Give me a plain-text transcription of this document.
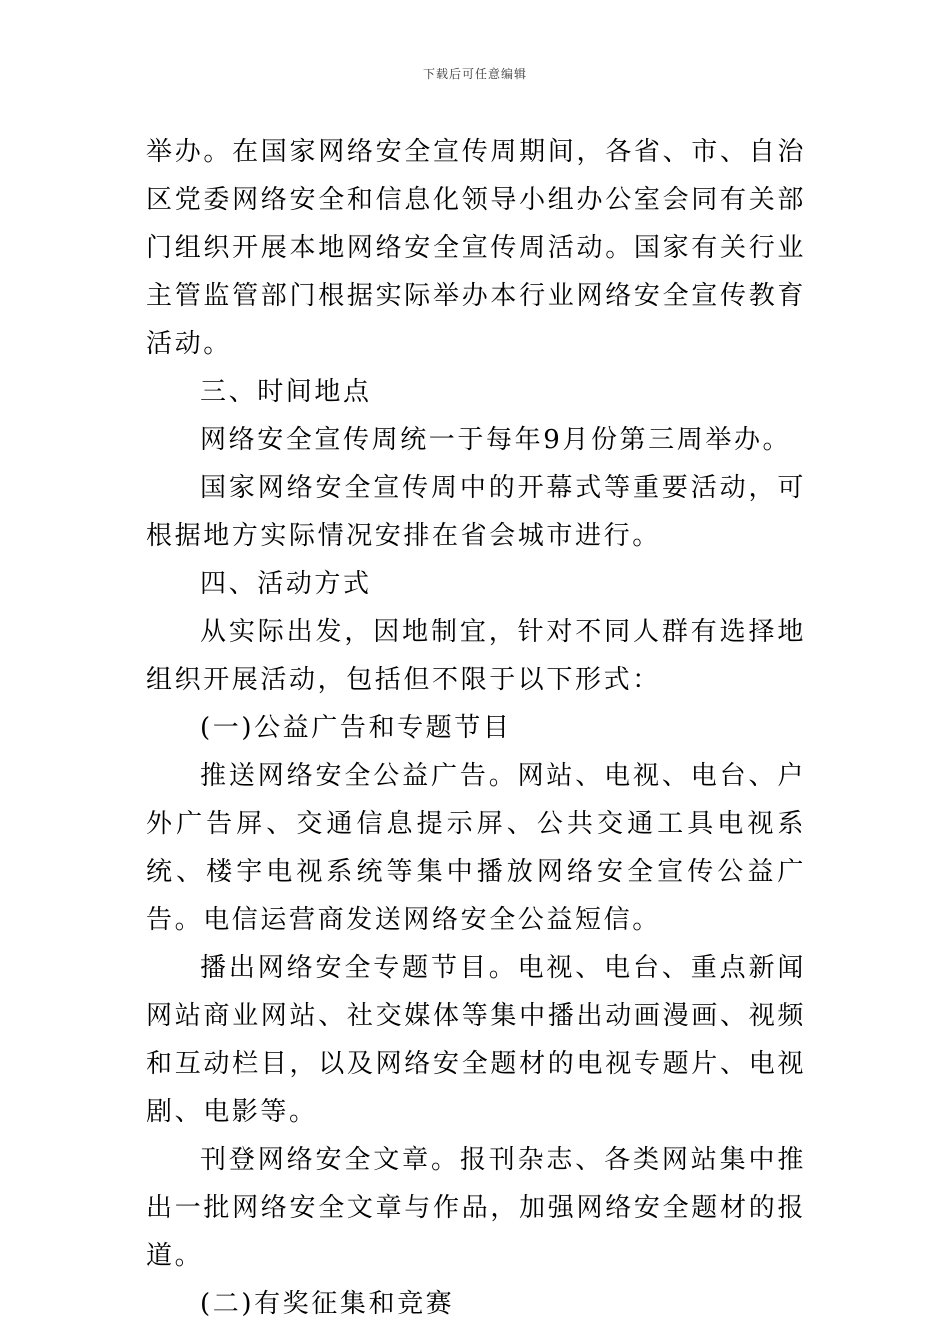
下载后可任意编辑

举办。在国家网络安全宣传周期间，各省、市、自治区党委网络安全和信息化领导小组办公室会同有关部门组织开展本地网络安全宣传周活动。国家有关行业主管监管部门根据实际举办本行业网络安全宣传教育活动。

三、时间地点

网络安全宣传周统一于每年9月份第三周举办。

国家网络安全宣传周中的开幕式等重要活动，可根据地方实际情况安排在省会城市进行。

四、活动方式

从实际出发，因地制宜，针对不同人群有选择地组织开展活动，包括但不限于以下形式：

(一)公益广告和专题节目

推送网络安全公益广告。网站、电视、电台、户外广告屏、交通信息提示屏、公共交通工具电视系统、楼宇电视系统等集中播放网络安全宣传公益广告。电信运营商发送网络安全公益短信。

播出网络安全专题节目。电视、电台、重点新闻网站商业网站、社交媒体等集中播出动画漫画、视频和互动栏目，以及网络安全题材的电视专题片、电视剧、电影等。

刊登网络安全文章。报刊杂志、各类网站集中推出一批网络安全文章与作品，加强网络安全题材的报道。

(二)有奖征集和竞赛
